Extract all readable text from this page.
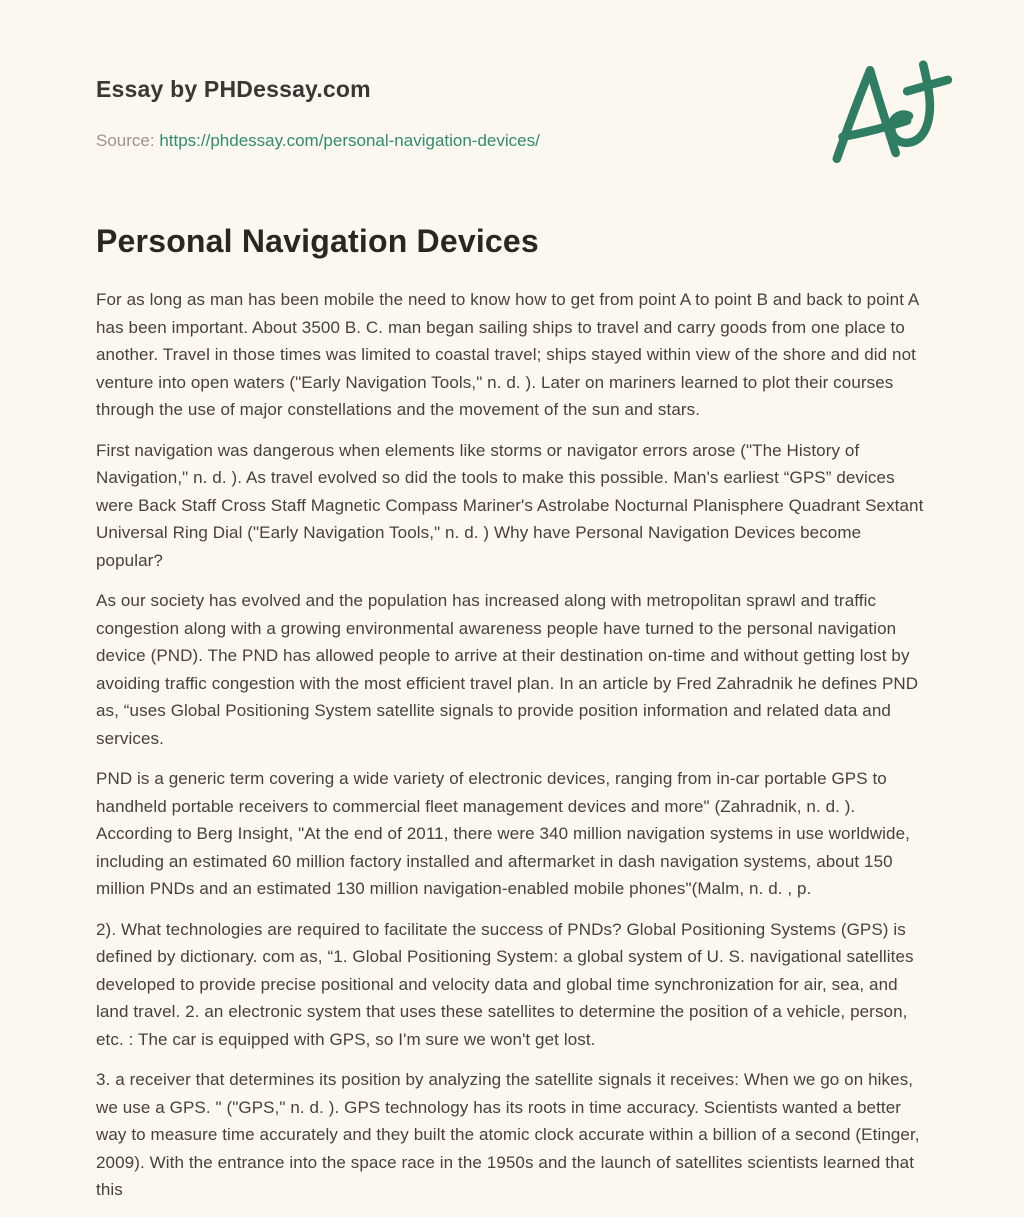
Essay by PHDessay.com
Source: https://phdessay.com/personal-navigation-devices/
Personal Navigation Devices

For as long as man has been mobile the need to know how to get from point A to point B and back to point A has been important. About 3500 B. C. man began sailing ships to travel and carry goods from one place to another. Travel in those times was limited to coastal travel; ships stayed within view of the shore and did not venture into open waters ("Early Navigation Tools," n. d. ). Later on mariners learned to plot their courses through the use of major constellations and the movement of the sun and stars.

First navigation was dangerous when elements like storms or navigator errors arose ("The History of Navigation," n. d. ). As travel evolved so did the tools to make this possible. Man's earliest “GPS” devices were Back Staff Cross Staff Magnetic Compass Mariner's Astrolabe Nocturnal Planisphere Quadrant Sextant Universal Ring Dial ("Early Navigation Tools," n. d. ) Why have Personal Navigation Devices become popular?

As our society has evolved and the population has increased along with metropolitan sprawl and traffic congestion along with a growing environmental awareness people have turned to the personal navigation device (PND). The PND has allowed people to arrive at their destination on-time and without getting lost by avoiding traffic congestion with the most efficient travel plan. In an article by Fred Zahradnik he defines PND as, “uses Global Positioning System satellite signals to provide position information and related data and services.

PND is a generic term covering a wide variety of electronic devices, ranging from in-car portable GPS to handheld portable receivers to commercial fleet management devices and more" (Zahradnik, n. d. ). According to Berg Insight, "At the end of 2011, there were 340 million navigation systems in use worldwide, including an estimated 60 million factory installed and aftermarket in dash navigation systems, about 150 million PNDs and an estimated 130 million navigation-enabled mobile phones"(Malm, n. d. , p.

2). What technologies are required to facilitate the success of PNDs? Global Positioning Systems (GPS) is defined by dictionary. com as, “1. Global Positioning System: a global system of U. S. navigational satellites developed to provide precise positional and velocity data and global time synchronization for air, sea, and land travel. 2. an electronic system that uses these satellites to determine the position of a vehicle, person, etc. : The car is equipped with GPS, so I'm sure we won't get lost.

3. a receiver that determines its position by analyzing the satellite signals it receives: When we go on hikes, we use a GPS. " ("GPS," n. d. ). GPS technology has its roots in time accuracy. Scientists wanted a better way to measure time accurately and they built the atomic clock accurate within a billion of a second (Etinger, 2009). With the entrance into the space race in the 1950s and the launch of satellites scientists learned that this
